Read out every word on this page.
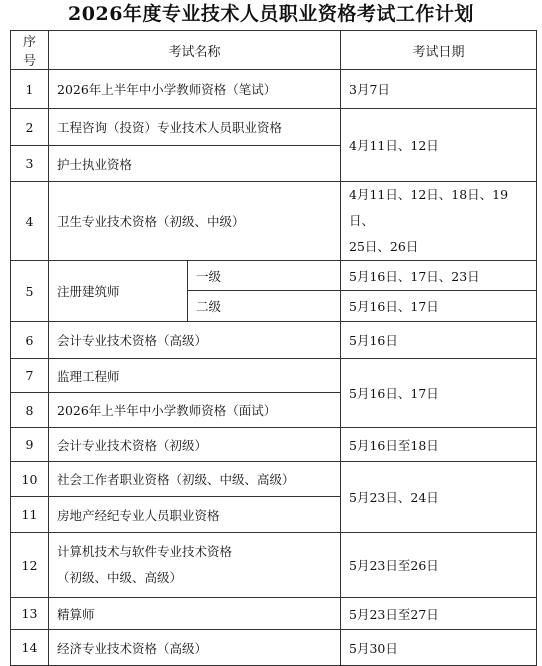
2026年度专业技术人员职业资格考试工作计划
序号	考试名称		考试日期
1	2026年上半年中小学教师资格（笔试）		3月7日
2	工程咨询（投资）专业技术人员职业资格		4月11日、12日
3	护士执业资格		
4	卫生专业技术资格（初级、中级）		4月11日、12日、18日、19日、
25日、26日

5	注册建筑师	一级	5月16日、17日、23日
		二级	5月16日、17日
6	会计专业技术资格（高级）		5月16日
7	监理工程师		5月16日、17日
8	2026年上半年中小学教师资格（面试）		
9	会计专业技术资格（初级）		5月16日至18日
10	社会工作者职业资格（初级、中级、高级）		5月23日、24日
11	房地产经纪专业人员职业资格		
12	计算机技术与软件专业技术资格
（初级、中级、高级）		5月23日至26日
13	精算师		5月23日至27日
14	经济专业技术资格（高级）		5月30日
